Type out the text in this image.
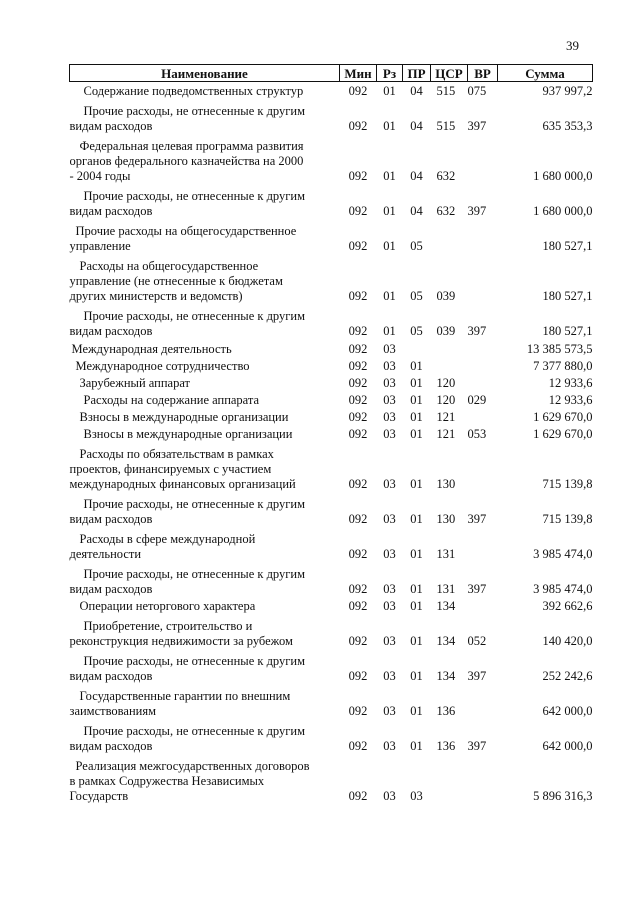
39
Наименование	Мин	Рз	ПР	ЦСР	ВР	Сумма

Содержание подведомственных структур	092	01	04	515	075	937 997,2

Прочие расходы, не отнесенные к другим
видам расходов	092	01	04	515	397	635 353,3

Федеральная целевая программа развития
органов федерального казначейства на 2000
- 2004 годы	092	01	04	632		1 680 000,0

Прочие расходы, не отнесенные к другим
видам расходов	092	01	04	632	397	1 680 000,0

Прочие расходы на общегосударственное
управление	092	01	05			180 527,1

Расходы на общегосударственное
управление (не отнесенные к бюджетам
других министерств и ведомств)	092	01	05	039		180 527,1

Прочие расходы, не отнесенные к другим
видам расходов	092	01	05	039	397	180 527,1

Международная деятельность	092	03				13 385 573,5

Международное сотрудничество	092	03	01			7 377 880,0

Зарубежный аппарат	092	03	01	120		12 933,6

Расходы на содержание аппарата	092	03	01	120	029	12 933,6

Взносы в международные организации	092	03	01	121		1 629 670,0

Взносы в международные организации	092	03	01	121	053	1 629 670,0

Расходы по обязательствам в рамках
проектов, финансируемых с участием
международных финансовых организаций	092	03	01	130		715 139,8

Прочие расходы, не отнесенные к другим
видам расходов	092	03	01	130	397	715 139,8

Расходы в сфере международной
деятельности	092	03	01	131		3 985 474,0

Прочие расходы, не отнесенные к другим
видам расходов	092	03	01	131	397	3 985 474,0

Операции неторгового характера	092	03	01	134		392 662,6

Приобретение, строительство и
реконструкция недвижимости за рубежом	092	03	01	134	052	140 420,0

Прочие расходы, не отнесенные к другим
видам расходов	092	03	01	134	397	252 242,6

Государственные гарантии по внешним
заимствованиям	092	03	01	136		642 000,0

Прочие расходы, не отнесенные к другим
видам расходов	092	03	01	136	397	642 000,0

Реализация межгосударственных договоров
в рамках Содружества Независимых
Государств	092	03	03			5 896 316,3
